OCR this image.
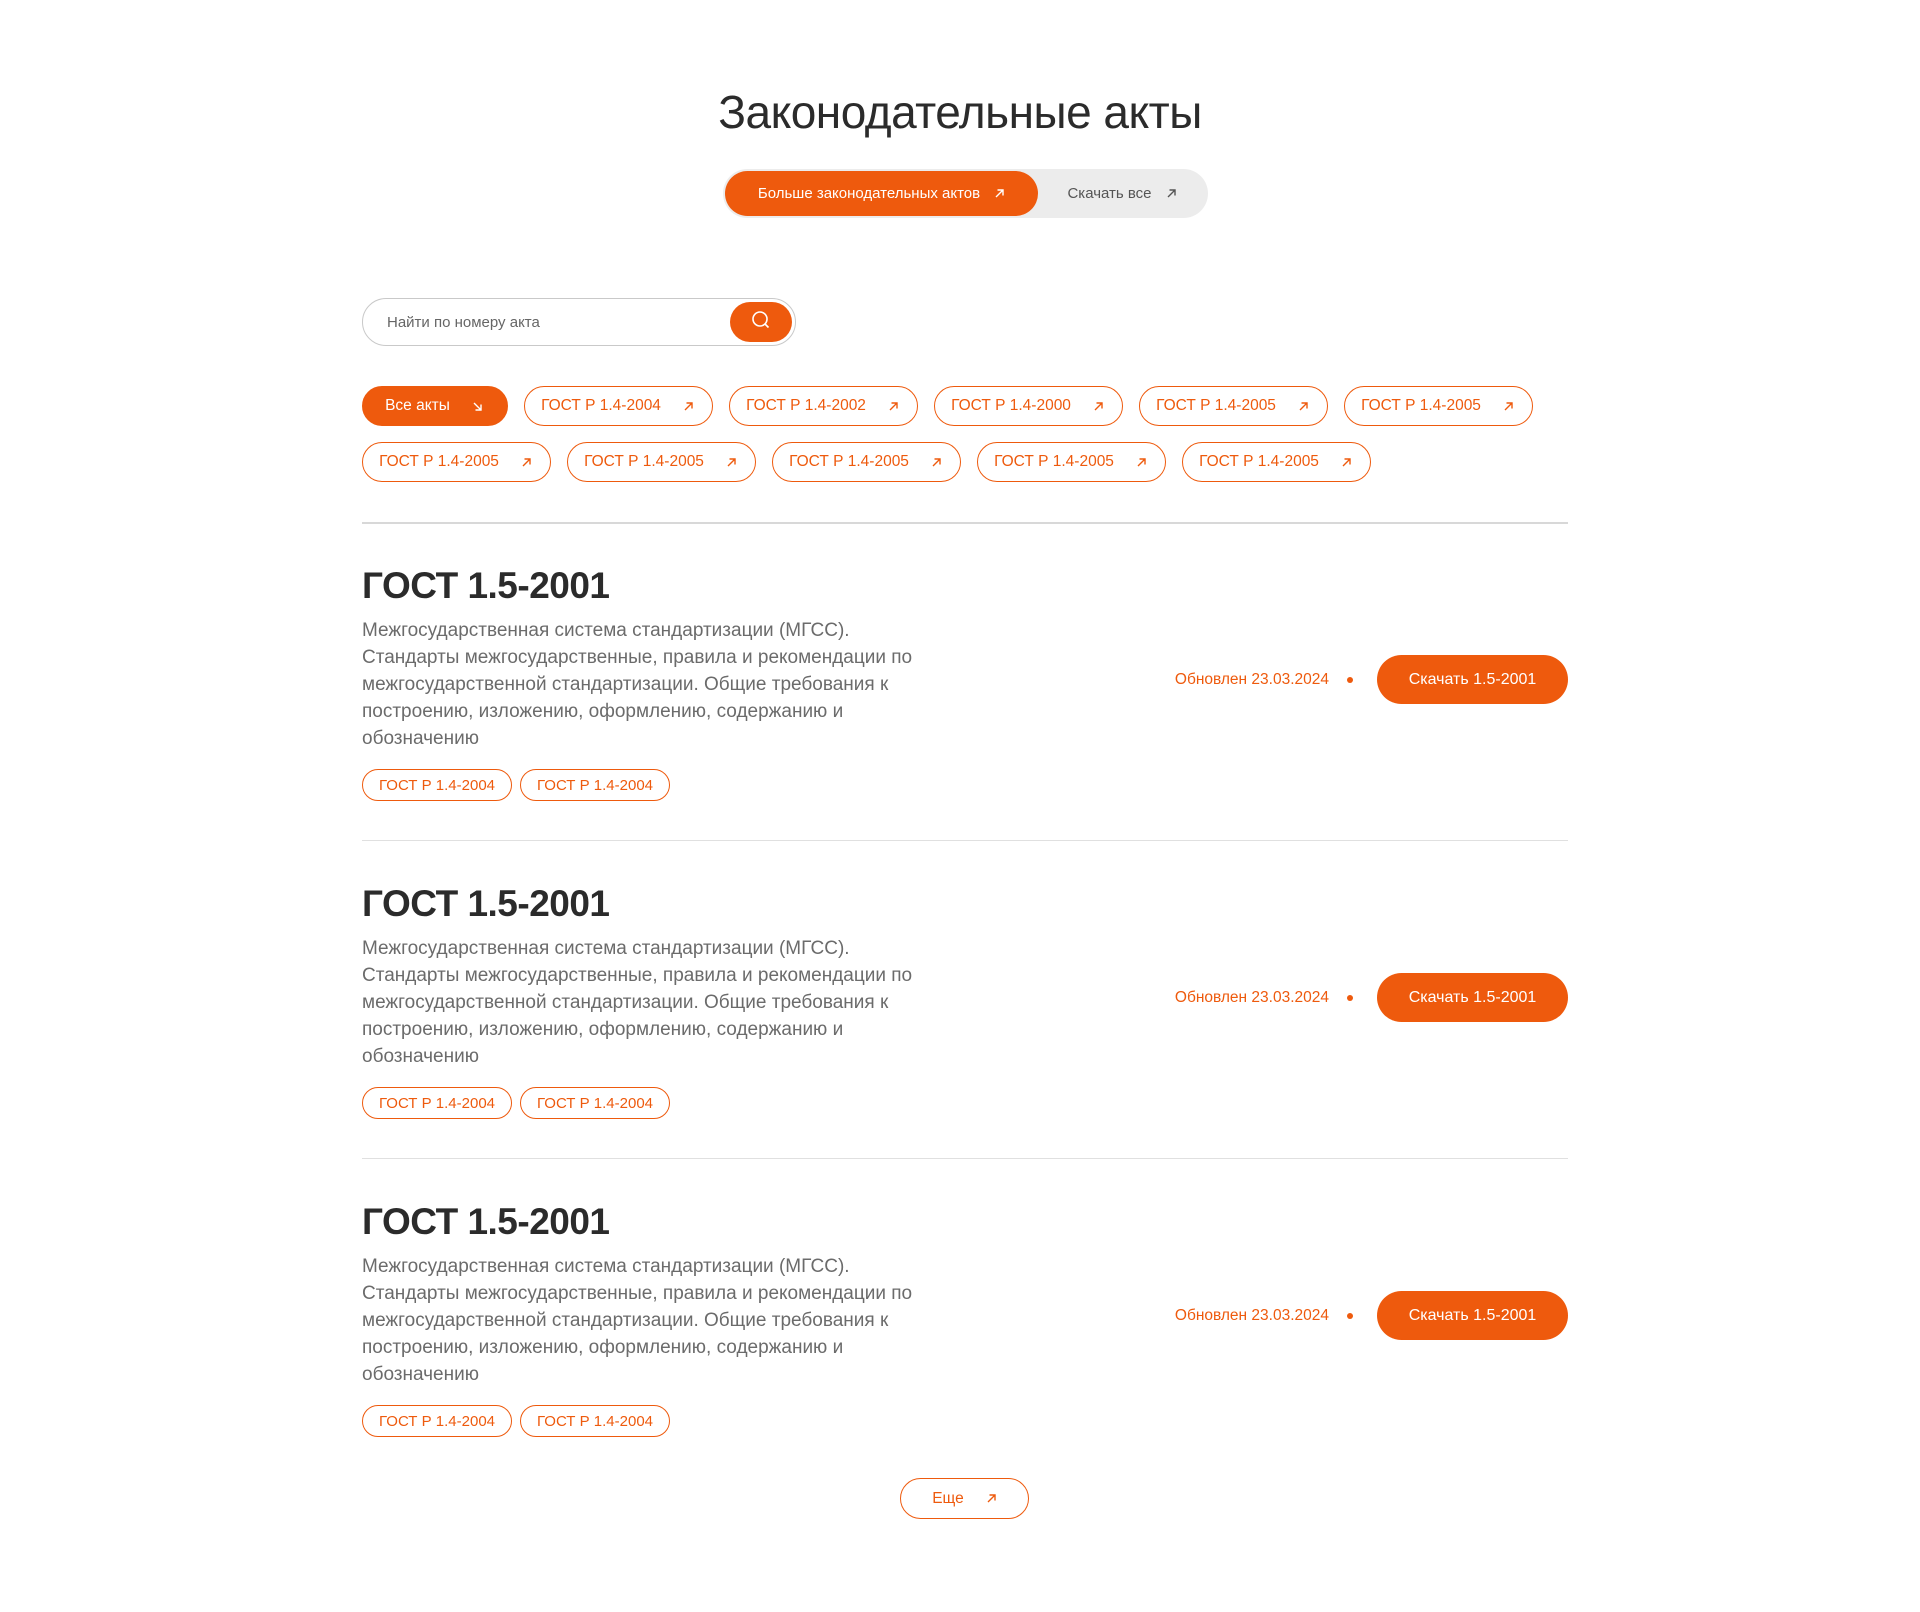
Законодательные акты
Больше законодательных актов	Скачать все
Найти по номеру акта
Все акты	ГОСТ Р 1.4-2004	ГОСТ Р 1.4-2002	ГОСТ Р 1.4-2000	ГОСТ Р 1.4-2005	ГОСТ Р 1.4-2005
ГОСТ Р 1.4-2005	ГОСТ Р 1.4-2005	ГОСТ Р 1.4-2005	ГОСТ Р 1.4-2005	ГОСТ Р 1.4-2005
ГОСТ 1.5-2001

Межгосударственная система стандартизации (МГСС). Стандарты межгосударственные, правила и рекомендации по межгосударственной стандартизации. Общие требования к построению, изложению, оформлению, содержанию и обозначению

ГОСТ Р 1.4-2004	ГОСТ Р 1.4-2004
Обновлен 23.03.2024	Скачать 1.5-2001
ГОСТ 1.5-2001

Межгосударственная система стандартизации (МГСС). Стандарты межгосударственные, правила и рекомендации по межгосударственной стандартизации. Общие требования к построению, изложению, оформлению, содержанию и обозначению

ГОСТ Р 1.4-2004	ГОСТ Р 1.4-2004
Обновлен 23.03.2024	Скачать 1.5-2001
ГОСТ 1.5-2001

Межгосударственная система стандартизации (МГСС). Стандарты межгосударственные, правила и рекомендации по межгосударственной стандартизации. Общие требования к построению, изложению, оформлению, содержанию и обозначению

ГОСТ Р 1.4-2004	ГОСТ Р 1.4-2004
Обновлен 23.03.2024	Скачать 1.5-2001
Еще
